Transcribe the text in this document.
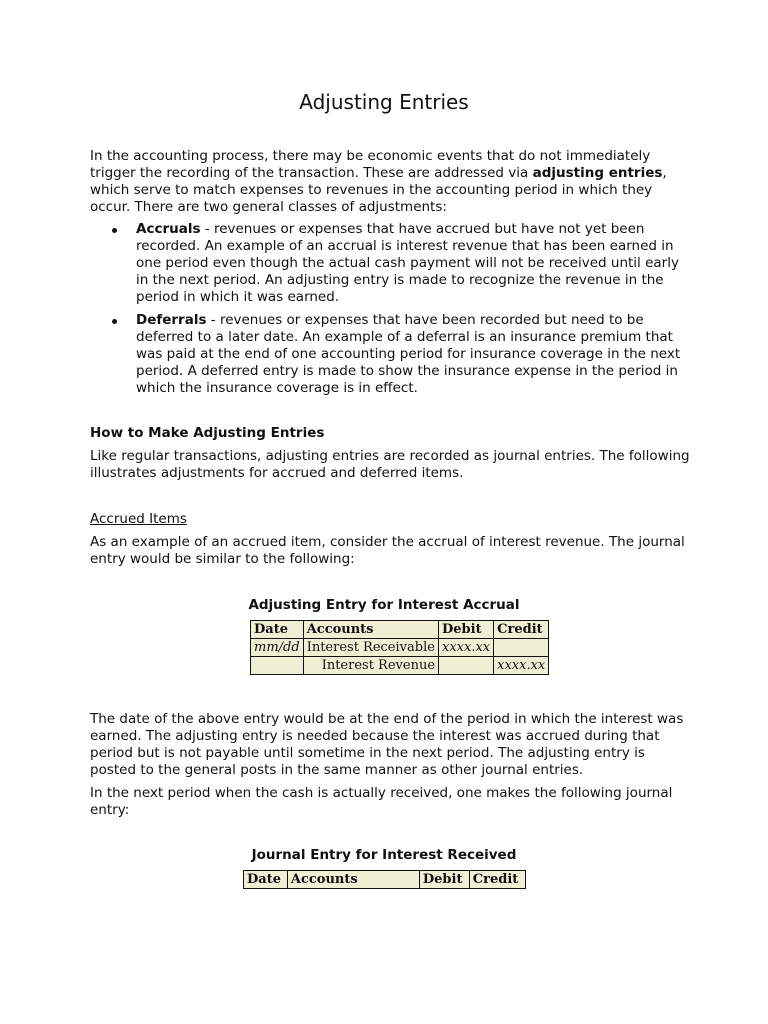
Adjusting Entries

In the accounting process, there may be economic events that do not immediately trigger the recording of the transaction. These are addressed via adjusting entries, which serve to match expenses to revenues in the accounting period in which they occur. There are two general classes of adjustments:

Accruals - revenues or expenses that have accrued but have not yet been recorded. An example of an accrual is interest revenue that has been earned in one period even though the actual cash payment will not be received until early in the next period. An adjusting entry is made to recognize the revenue in the period in which it was earned.
Deferrals - revenues or expenses that have been recorded but need to be deferred to a later date. An example of a deferral is an insurance premium that was paid at the end of one accounting period for insurance coverage in the next period. A deferred entry is made to show the insurance expense in the period in which the insurance coverage is in effect.
How to Make Adjusting Entries

Like regular transactions, adjusting entries are recorded as journal entries. The following illustrates adjustments for accrued and deferred items.

Accrued Items

As an example of an accrued item, consider the accrual of interest revenue. The journal entry would be similar to the following:

Adjusting Entry for Interest Accrual

Date	Accounts	Debit	Credit
mm/dd	Interest Receivable	xxxx.xx	
	Interest Revenue		xxxx.xx

The date of the above entry would be at the end of the period in which the interest was earned. The adjusting entry is needed because the interest was accrued during that period but is not payable until sometime in the next period. The adjusting entry is posted to the general posts in the same manner as other journal entries.

In the next period when the cash is actually received, one makes the following journal entry:

Journal Entry for Interest Received

Date	Accounts	Debit	Credit
